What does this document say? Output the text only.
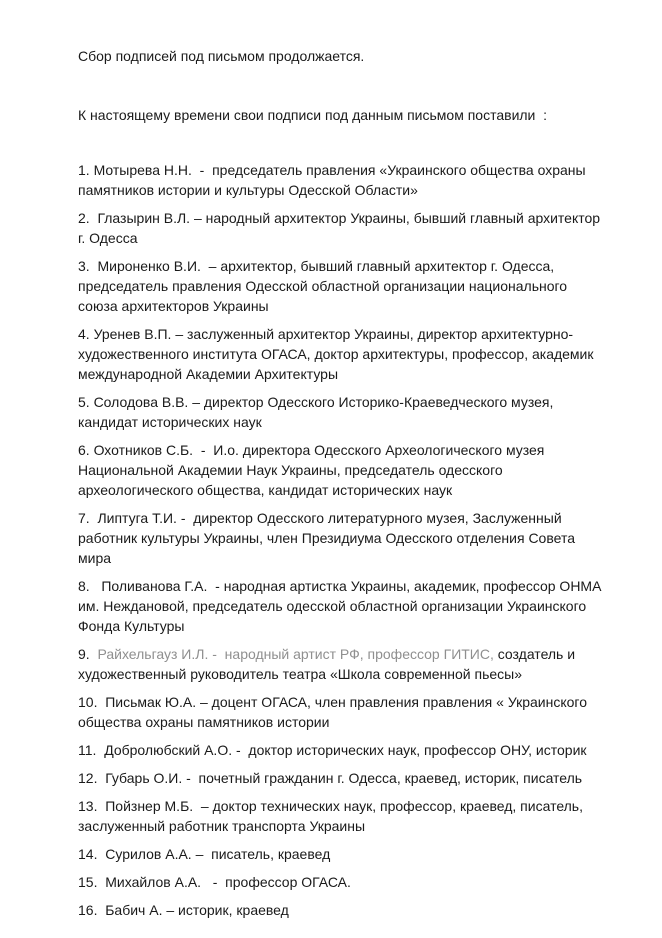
Сбор подписей под письмом продолжается.

К настоящему времени свои подписи под данным письмом поставили  :

1. Мотырева Н.Н.  -  председатель правления «Украинского общества охраны памятников истории и культуры Одесской Области»

2.  Глазырин В.Л. – народный архитектор Украины, бывший главный архитектор г. Одесса

3.  Мироненко В.И.  – архитектор, бывший главный архитектор г. Одесса, председатель правления Одесской областной организации национального союза архитекторов Украины

4. Уренев В.П. – заслуженный архитектор Украины, директор архитектурно-художественного института ОГАСА, доктор архитектуры, профессор, академик международной Академии Архитектуры

5. Солодова В.В. – директор Одесского Историко-Краеведческого музея, кандидат исторических наук

6. Охотников С.Б.  -  И.о. директора Одесского Археологического музея Национальной Академии Наук Украины, председатель одесского археологического общества, кандидат исторических наук

7.  Липтуга Т.И. -  директор Одесского литературного музея, Заслуженный работник культуры Украины, член Президиума Одесского отделения Совета мира

8.   Поливанова Г.А.  - народная артистка Украины, академик, профессор ОНМА им. Неждановой, председатель одесской областной организации Украинского Фонда Культуры

9.  Райхельгауз И.Л. -  народный артист РФ, профессор ГИТИС, создатель и художественный руководитель театра «Школа современной пьесы»

10.  Письмак Ю.А. – доцент ОГАСА, член правления правления « Украинского общества охраны памятников истории

11.  Добролюбский А.О. -  доктор исторических наук, профессор ОНУ, историк

12.  Губарь О.И. -  почетный гражданин г. Одесса, краевед, историк, писатель

13.  Пойзнер М.Б.  – доктор технических наук, профессор, краевед, писатель, заслуженный работник транспорта Украины

14.  Сурилов А.А. –  писатель, краевед

15.  Михайлов А.А.   -  профессор ОГАСА.

16.  Бабич А. – историк, краевед
